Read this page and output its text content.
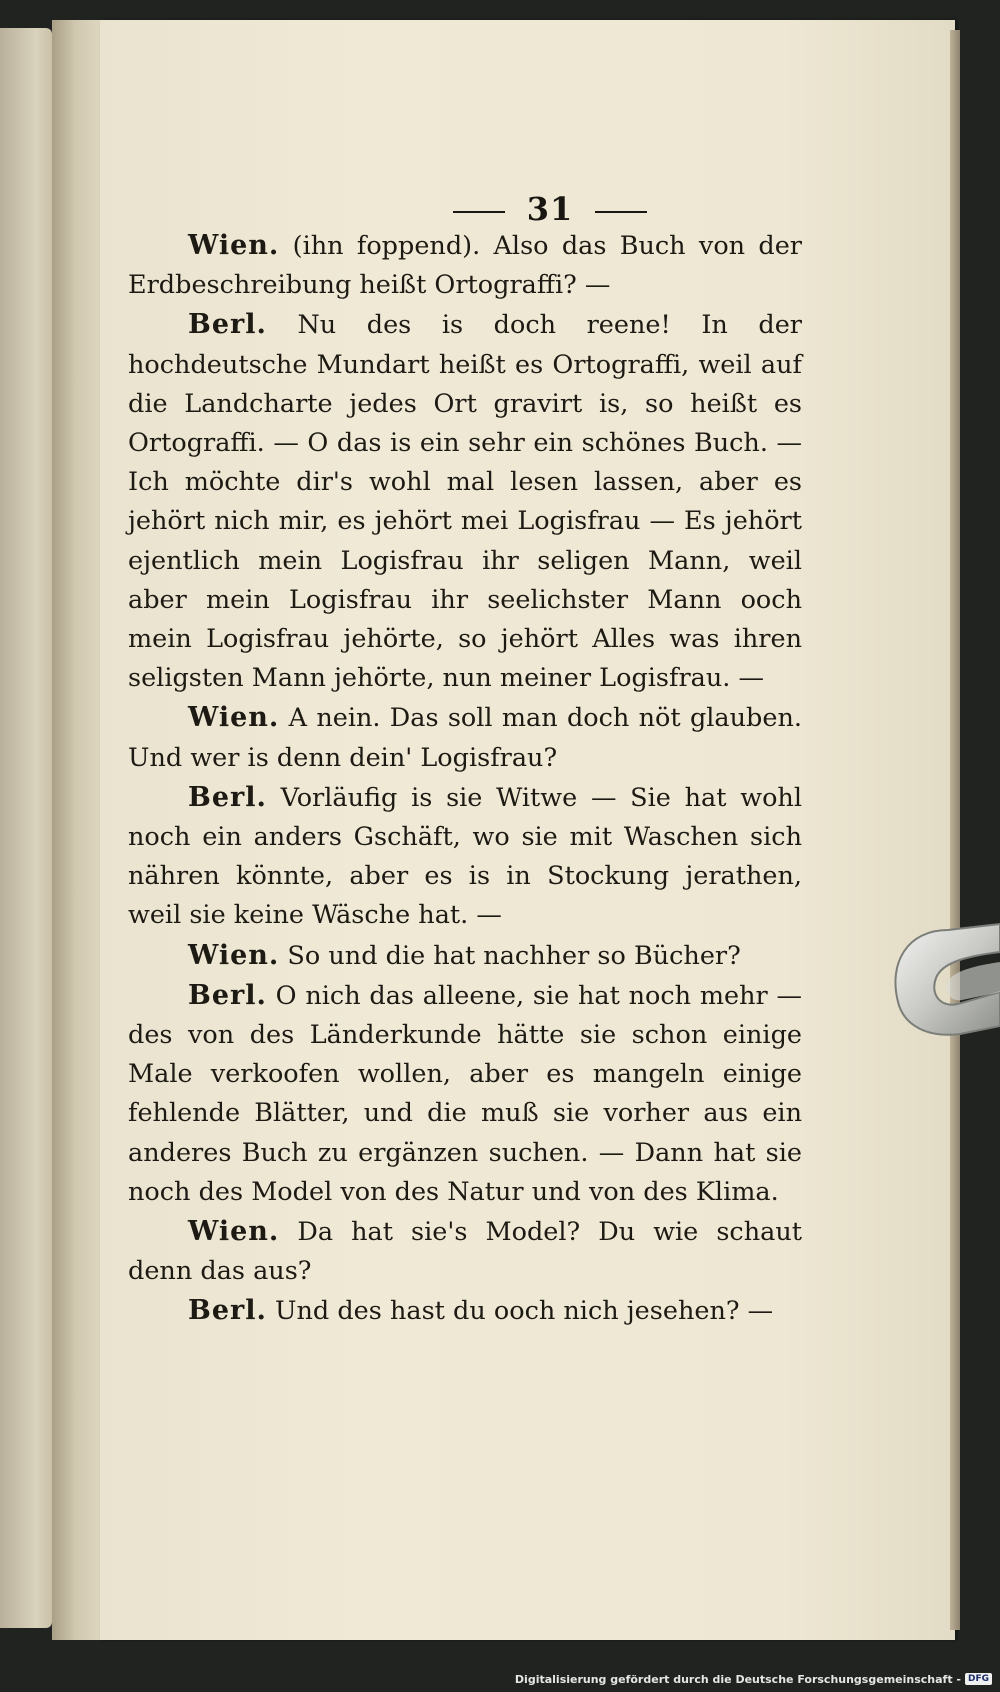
31

Wien. (ihn foppend). Also das Buch von der Erdbeschreibung heißt Ortograffi? —

Berl. Nu des is doch reene! In der hochdeutsche Mundart heißt es Ortograffi, weil auf die Landcharte jedes Ort gravirt is, so heißt es Ortograffi. — O das is ein sehr ein schönes Buch. — Ich möchte dir's wohl mal lesen lassen, aber es jehört nich mir, es jehört mei Logisfrau — Es jehört ejentlich mein Logisfrau ihr seligen Mann, weil aber mein Logisfrau ihr seelichster Mann ooch mein Logisfrau jehörte, so jehört Alles was ihren seligsten Mann jehörte, nun meiner Logisfrau. —

Wien. A nein. Das soll man doch nöt glauben. Und wer is denn dein' Logisfrau?

Berl. Vorläufig is sie Witwe — Sie hat wohl noch ein anders Gschäft, wo sie mit Waschen sich nähren könnte, aber es is in Stockung jerathen, weil sie keine Wäsche hat. —

Wien. So und die hat nachher so Bücher?

Berl. O nich das alleene, sie hat noch mehr — des von des Länderkunde hätte sie schon einige Male verkoofen wollen, aber es mangeln einige fehlende Blätter, und die muß sie vorher aus ein anderes Buch zu ergänzen suchen. — Dann hat sie noch des Model von des Natur und von des Klima.

Wien. Da hat sie's Model? Du wie schaut denn das aus?

Berl. Und des hast du ooch nich jesehen? —

Digitalisierung gefördert durch die Deutsche Forschungsgemeinschaft - DFG
